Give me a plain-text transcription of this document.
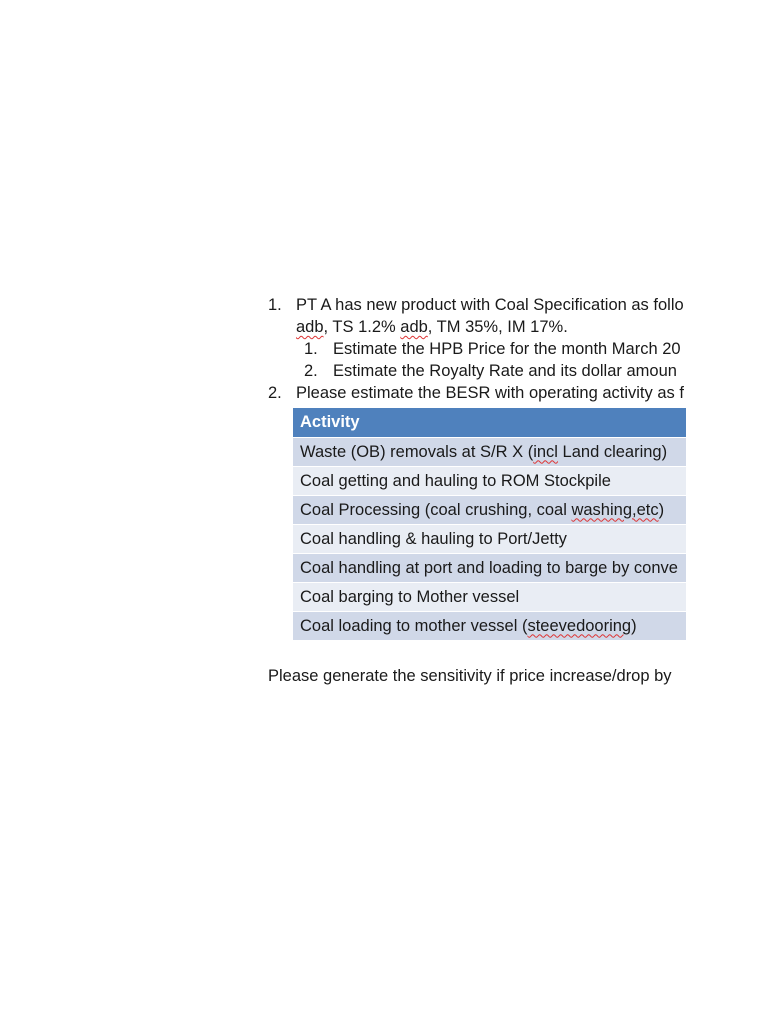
1. PT A has new product with Coal Specification as follo
adb, TS 1.2% adb, TM 35%, IM 17%.
1. Estimate the HPB Price for the month March 20
2. Estimate the Royalty Rate and its dollar amoun
2. Please estimate the BESR with operating activity as f
Activity
Waste (OB) removals at S/R X (incl Land clearing)
Coal getting and hauling to ROM Stockpile
Coal Processing (coal crushing, coal washing,etc)
Coal handling & hauling to Port/Jetty
Coal handling at port and loading to barge by conve
Coal barging to Mother vessel
Coal loading to mother vessel (steevedooring)
Please generate the sensitivity if price increase/drop by
